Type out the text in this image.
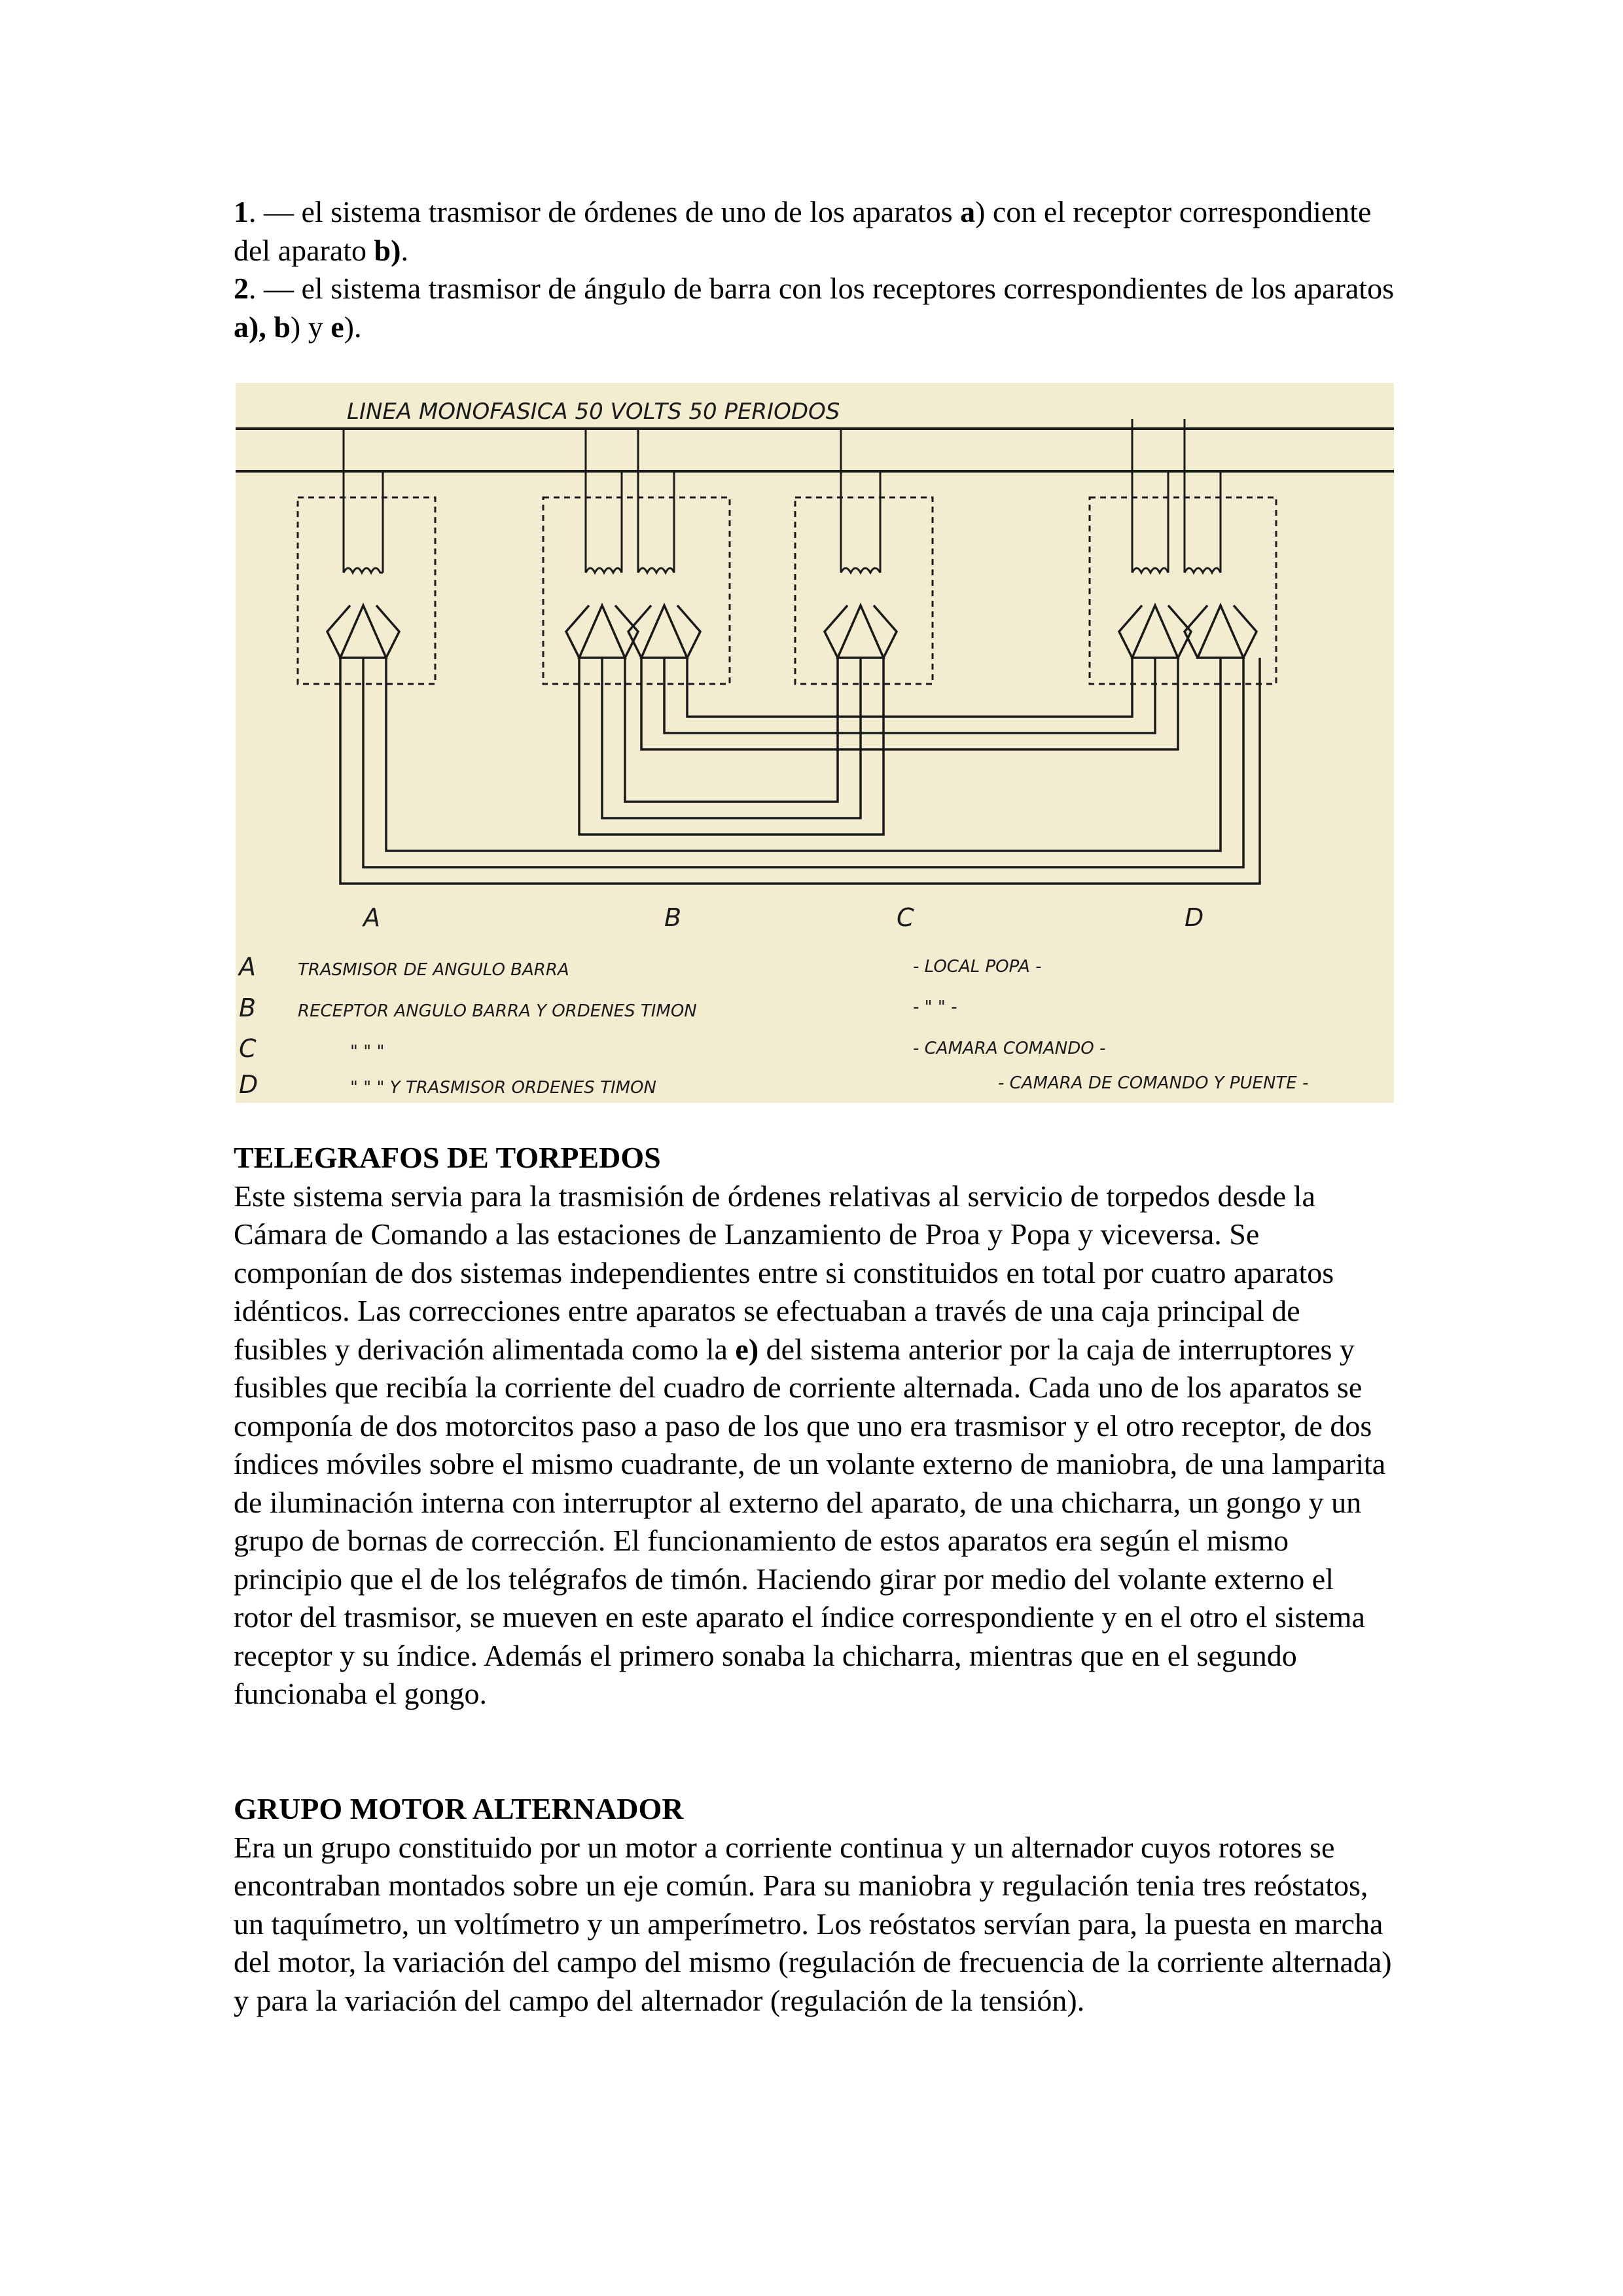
1. — el sistema trasmisor de órdenes de uno de los aparatos a) con el receptor correspondiente del aparato b).

2. — el sistema trasmisor de ángulo de barra con los receptores correspondientes de los aparatos a), b) y e).

LINEA MONOFASICA 50 VOLTS 50 PERIODOS
A	B	C	D
A TRASMISOR DE ANGULO BARRA	- LOCAL POPA -
B RECEPTOR ANGULO BARRA Y ORDENES TIMON	- " " -
C	" " "	- CAMARA COMANDO -
D	" " " Y TRASMISOR ORDENES TIMON	- CAMARA DE COMANDO Y PUENTE -

TELEGRAFOS DE TORPEDOS

Este sistema servia para la trasmisión de órdenes relativas al servicio de torpedos desde la Cámara de Comando a las estaciones de Lanzamiento de Proa y Popa y viceversa. Se componían de dos sistemas independientes entre si constituidos en total por cuatro aparatos idénticos. Las correcciones entre aparatos se efectuaban a través de una caja principal de fusibles y derivación alimentada como la e) del sistema anterior por la caja de interruptores y fusibles que recibía la corriente del cuadro de corriente alternada. Cada uno de los aparatos se componía de dos motorcitos paso a paso de los que uno era trasmisor y el otro receptor, de dos índices móviles sobre el mismo cuadrante, de un volante externo de maniobra, de una lamparita de iluminación interna con interruptor al externo del aparato, de una chicharra, un gongo y un grupo de bornas de corrección. El funcionamiento de estos aparatos era según el mismo principio que el de los telégrafos de timón. Haciendo girar por medio del volante externo el rotor del trasmisor, se mueven en este aparato el índice correspondiente y en el otro el sistema receptor y su índice. Además el primero sonaba la chicharra, mientras que en el segundo funcionaba el gongo.

GRUPO MOTOR ALTERNADOR

Era un grupo constituido por un motor a corriente continua y un alternador cuyos rotores se encontraban montados sobre un eje común. Para su maniobra y regulación tenia tres reóstatos, un taquímetro, un voltímetro y un amperímetro. Los reóstatos servían para, la puesta en marcha del motor, la variación del campo del mismo (regulación de frecuencia de la corriente alternada) y para la variación del campo del alternador (regulación de la tensión).
